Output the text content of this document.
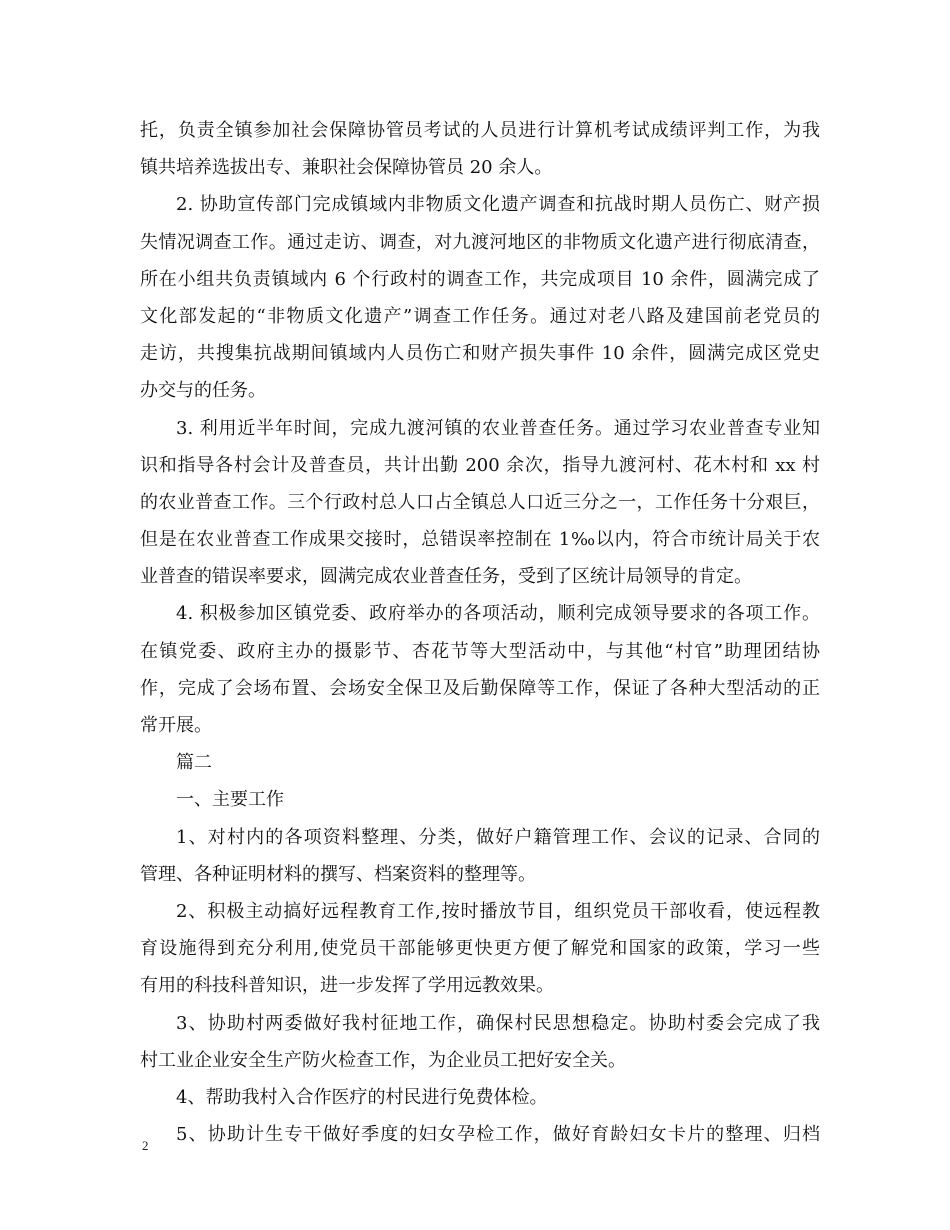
托，负责全镇参加社会保障协管员考试的人员进行计算机考试成绩评判工作，为我
镇共培养选拔出专、兼职社会保障协管员 20 余人。
2. 协助宣传部门完成镇域内非物质文化遗产调查和抗战时期人员伤亡、财产损
失情况调查工作。通过走访、调查，对九渡河地区的非物质文化遗产进行彻底清查，
所在小组共负责镇域内 6 个行政村的调查工作，共完成项目 10 余件，圆满完成了
文化部发起的“非物质文化遗产”调查工作任务。通过对老八路及建国前老党员的
走访，共搜集抗战期间镇域内人员伤亡和财产损失事件 10 余件，圆满完成区党史
办交与的任务。
3. 利用近半年时间，完成九渡河镇的农业普查任务。通过学习农业普查专业知
识和指导各村会计及普查员，共计出勤 200 余次，指导九渡河村、花木村和 xx 村
的农业普查工作。三个行政村总人口占全镇总人口近三分之一，工作任务十分艰巨，
但是在农业普查工作成果交接时，总错误率控制在 1‰以内，符合市统计局关于农
业普查的错误率要求，圆满完成农业普查任务，受到了区统计局领导的肯定。
4. 积极参加区镇党委、政府举办的各项活动，顺利完成领导要求的各项工作。
在镇党委、政府主办的摄影节、杏花节等大型活动中，与其他“村官”助理团结协
作，完成了会场布置、会场安全保卫及后勤保障等工作，保证了各种大型活动的正
常开展。
篇二
一、主要工作
1、对村内的各项资料整理、分类，做好户籍管理工作、会议的记录、合同的
管理、各种证明材料的撰写、档案资料的整理等。
2、积极主动搞好远程教育工作,按时播放节目，组织党员干部收看，使远程教
育设施得到充分利用,使党员干部能够更快更方便了解党和国家的政策，学习一些
有用的科技科普知识，进一步发挥了学用远教效果。
3、协助村两委做好我村征地工作，确保村民思想稳定。协助村委会完成了我
村工业企业安全生产防火检查工作，为企业员工把好安全关。
4、帮助我村入合作医疗的村民进行免费体检。
5、协助计生专干做好季度的妇女孕检工作，做好育龄妇女卡片的整理、归档
2
